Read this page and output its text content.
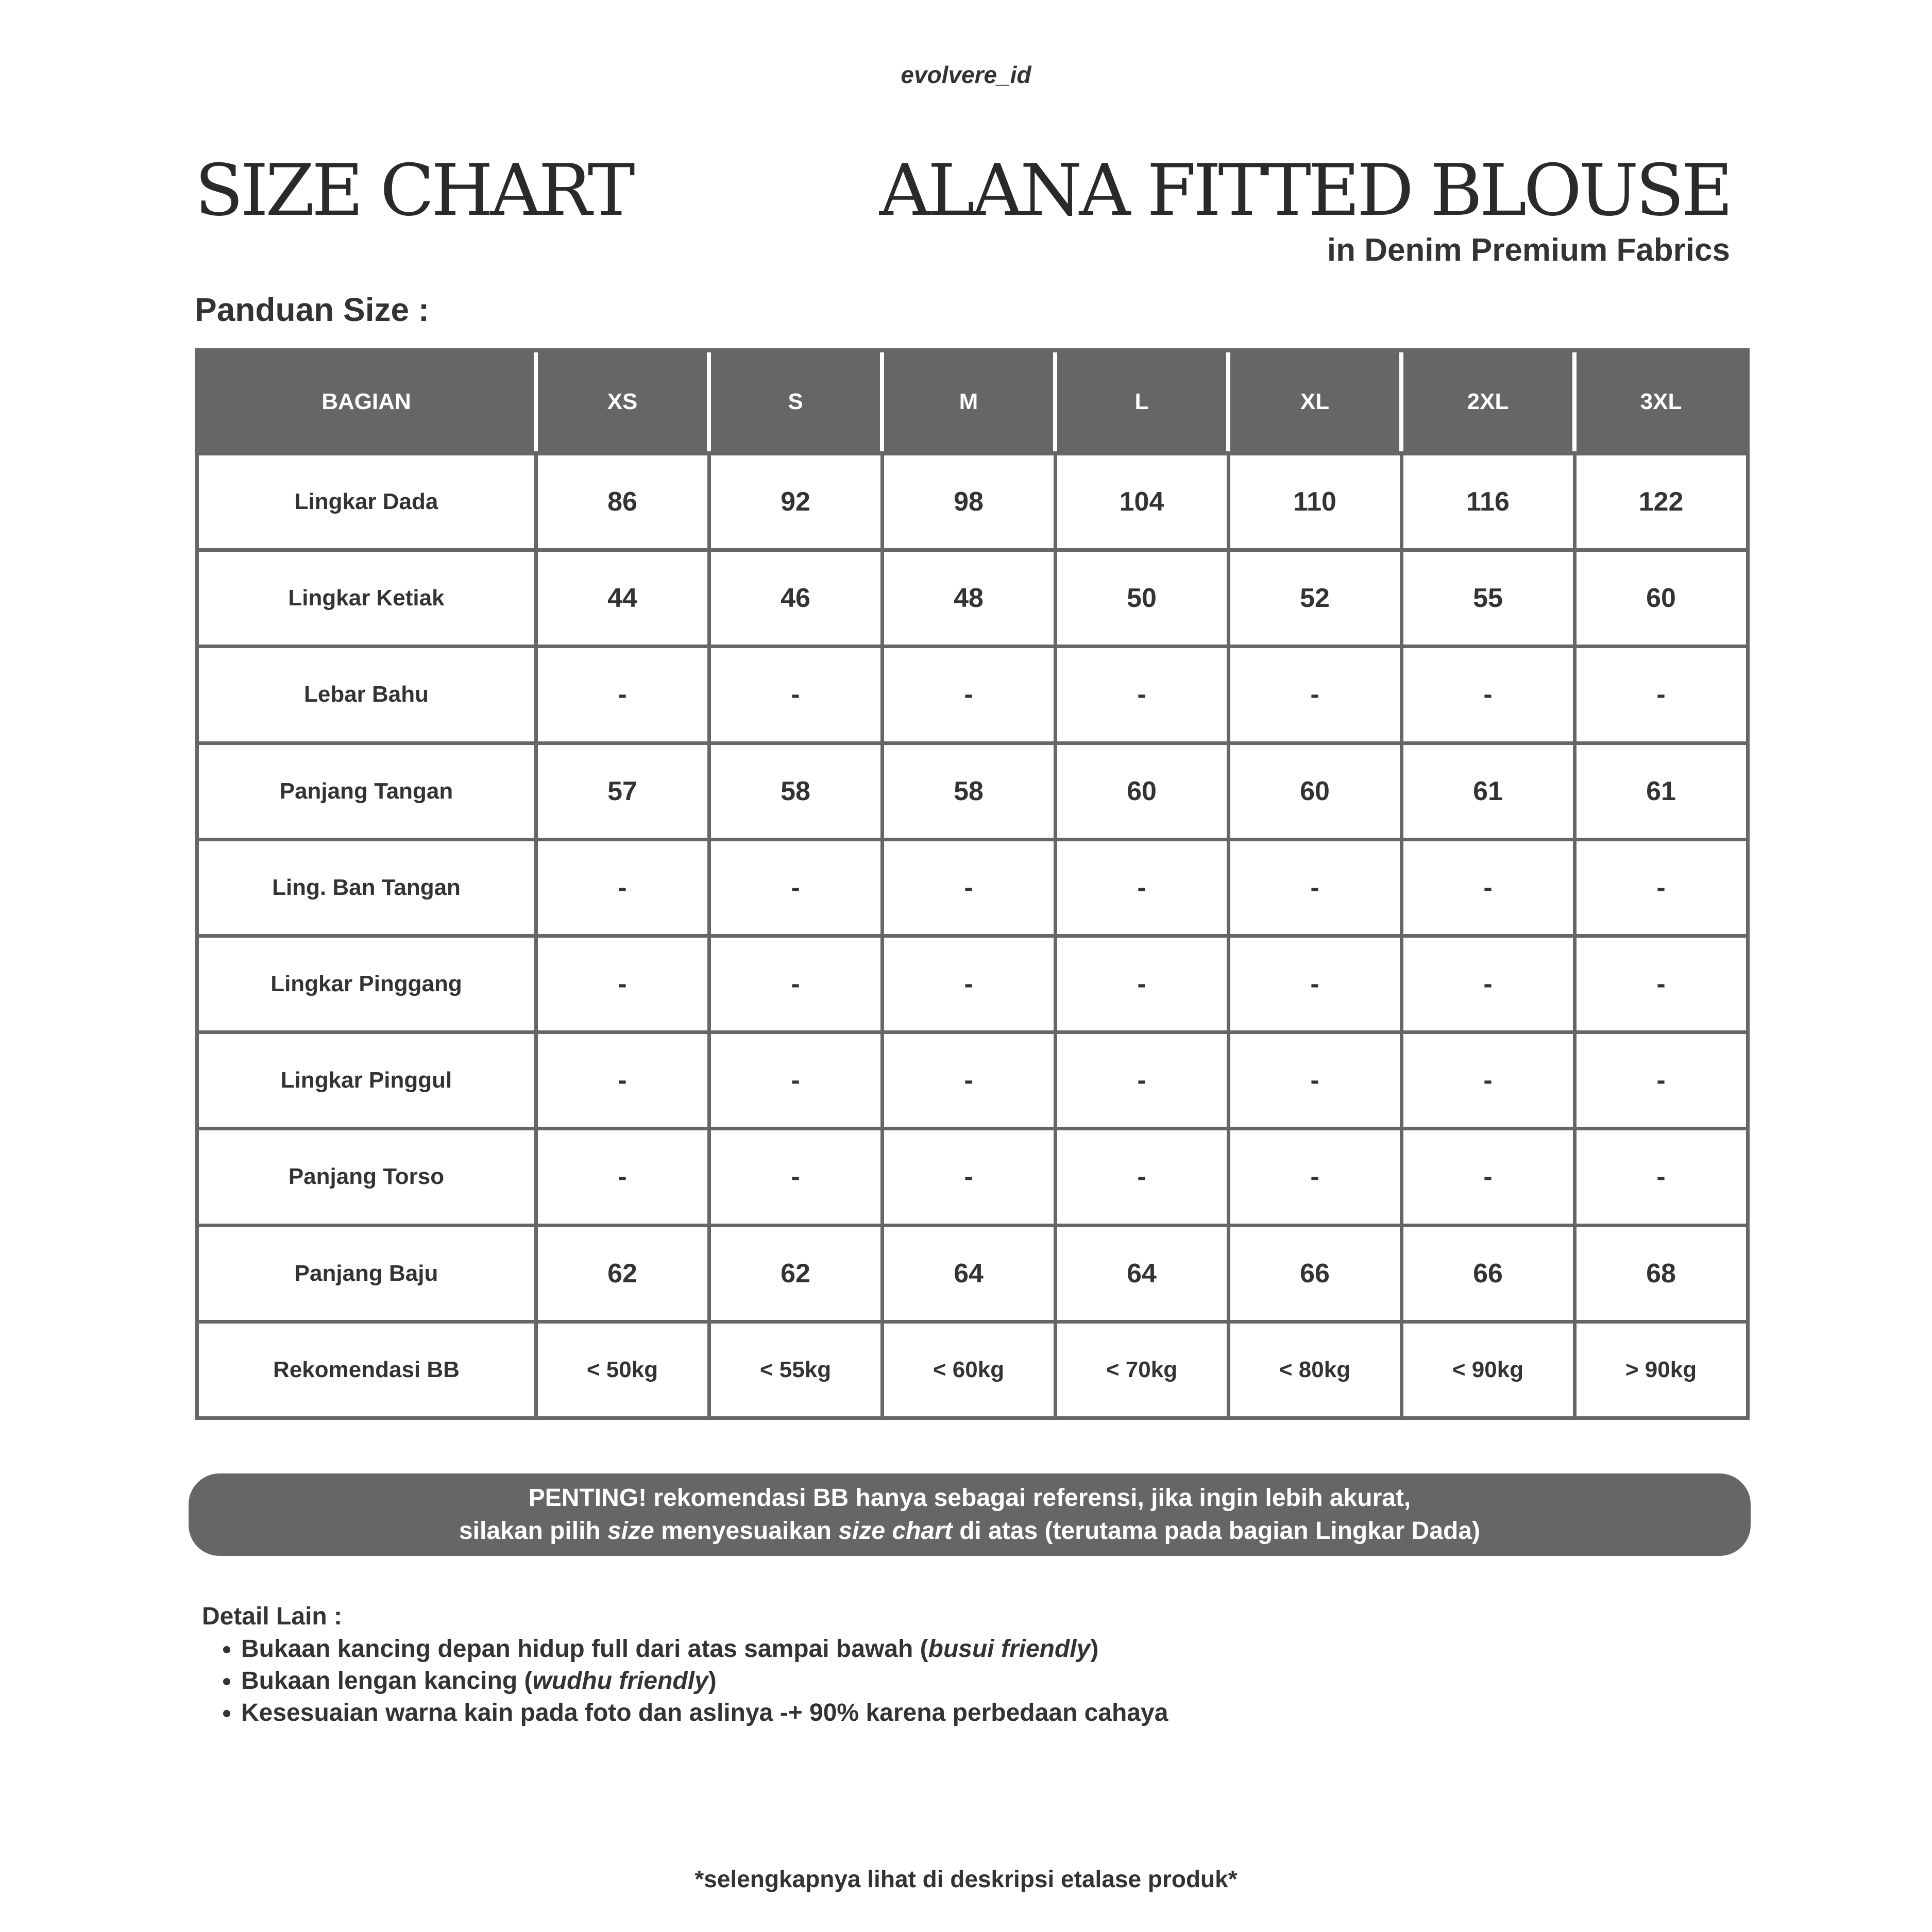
evolvere_id
SIZE CHART	ALANA FITTED BLOUSE
in Denim Premium Fabrics
Panduan Size :
BAGIAN	XS	S	M	L	XL	2XL	3XL
Lingkar Dada	86	92	98	104	110	116	122
Lingkar Ketiak	44	46	48	50	52	55	60
Lebar Bahu	-	-	-	-	-	-	-
Panjang Tangan	57	58	58	60	60	61	61
Ling. Ban Tangan	-	-	-	-	-	-	-
Lingkar Pinggang	-	-	-	-	-	-	-
Lingkar Pinggul	-	-	-	-	-	-	-
Panjang Torso	-	-	-	-	-	-	-
Panjang Baju	62	62	64	64	66	66	68
Rekomendasi BB	< 50kg	< 55kg	< 60kg	< 70kg	< 80kg	< 90kg	> 90kg
PENTING! rekomendasi BB hanya sebagai referensi, jika ingin lebih akurat,
silakan pilih size menyesuaikan size chart di atas (terutama pada bagian Lingkar Dada)
Detail Lain :
• Bukaan kancing depan hidup full dari atas sampai bawah (busui friendly)
• Bukaan lengan kancing (wudhu friendly)
• Kesesuaian warna kain pada foto dan aslinya -+ 90% karena perbedaan cahaya
*selengkapnya lihat di deskripsi etalase produk*
